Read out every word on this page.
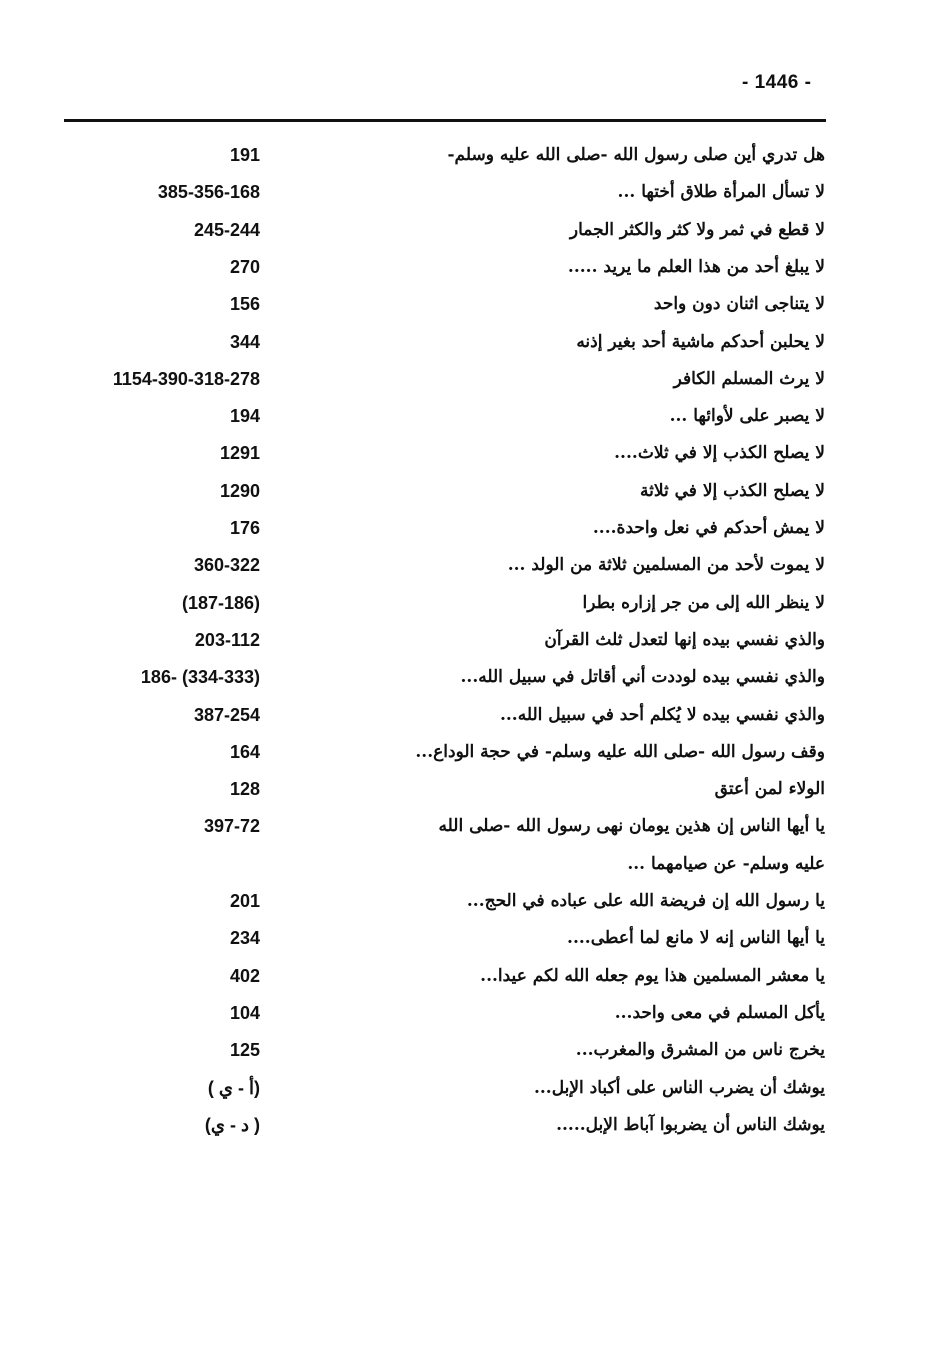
- 1446 -
هل تدري أين صلى رسول الله -صلى الله عليه وسلم-
191
لا تسأل المرأة طلاق أختها ...
385-356-168
لا قطع في ثمر ولا كثر والكثر الجمار
245-244
لا يبلغ أحد من هذا العلم ما يريد .....
270
لا يتناجى اثنان دون واحد
156
لا يحلبن أحدكم ماشية أحد بغير إذنه
344
لا يرث المسلم الكافر
1154-390-318-278
لا يصبر على لأوائها ...
194
لا يصلح الكذب إلا في ثلاث....
1291
لا يصلح الكذب إلا في ثلاثة
1290
لا يمش أحدكم في نعل واحدة....
176
لا يموت لأحد من المسلمين ثلاثة من الولد ...
360-322
لا ينظر الله إلى من جر إزاره بطرا
(187-186)
والذي نفسي بيده إنها لتعدل ثلث القرآن
203-112
والذي نفسي بيده لوددت أني أقاتل في سبيل الله...
186- (334-333)
والذي نفسي بيده لا يُكلم أحد في سبيل الله...
387-254
وقف رسول الله -صلى الله عليه وسلم- في حجة الوداع...
164
الولاء لمن أعتق
128
يا أيها الناس إن هذين يومان نهى رسول الله -صلى الله
397-72
عليه وسلم- عن صيامهما ...
يا رسول الله إن فريضة الله على عباده في الحج...
201
يا أيها الناس إنه لا مانع لما أعطى....
234
يا معشر المسلمين هذا يوم جعله الله لكم عيدا...
402
يأكل المسلم في معى واحد...
104
يخرج ناس من المشرق والمغرب...
125
يوشك أن يضرب الناس على أكباد الإبل...
( أ - ي)
يوشك الناس أن يضربوا آباط الإبل.....
(د - ي )
